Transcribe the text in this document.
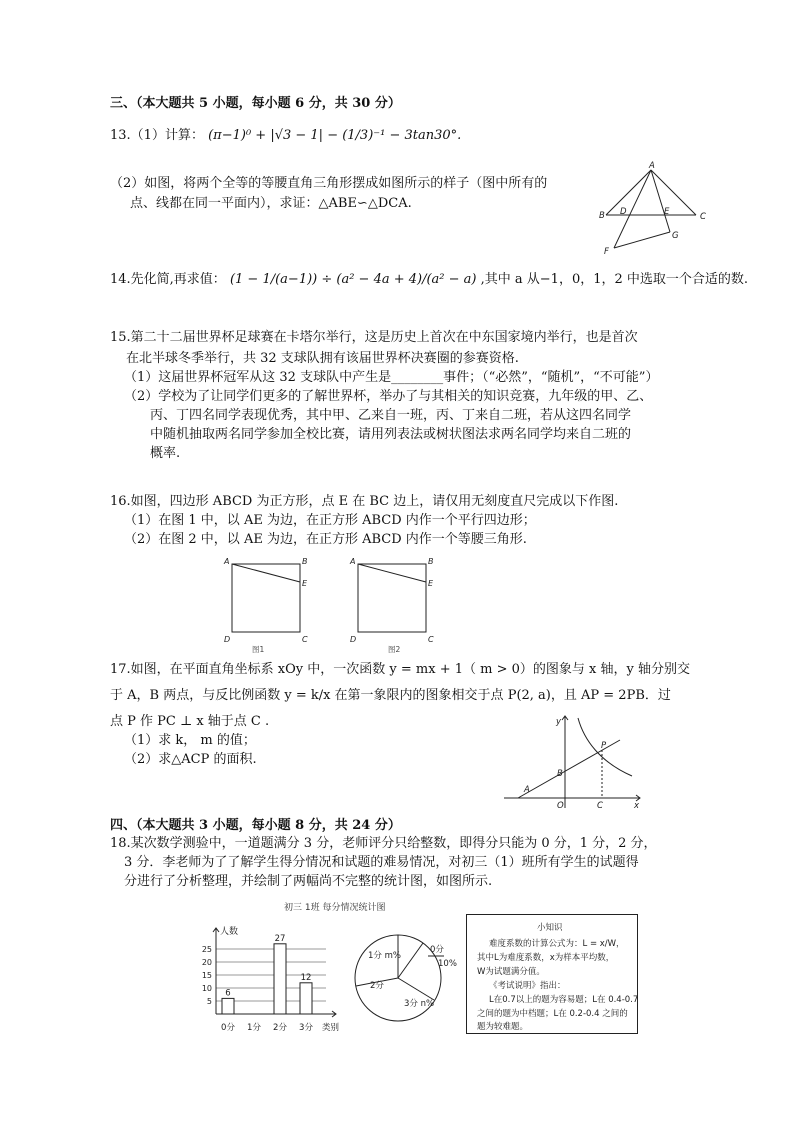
三、（本大题共 5 小题，每小题 6 分，共 30 分）
13.（1）计算： (π−1)⁰ + |√3 − 1| − (1/3)⁻¹ − 3tan30°.
（2）如图，将两个全等的等腰直角三角形摆成如图所示的样子（图中所有的
点、线都在同一平面内），求证：△ABE∽△DCA.
A
B D	E	C
F
G
14.先化简,再求值： (1 − 1/(a−1)) ÷ (a² − 4a + 4)/(a² − a) ,其中 a 从−1，0，1，2 中选取一个合适的数.
15.第二十二届世界杯足球赛在卡塔尔举行，这是历史上首次在中东国家境内举行，也是首次
在北半球冬季举行，共 32 支球队拥有该届世界杯决赛圈的参赛资格.
（1）这届世界杯冠军从这 32 支球队中产生是________事件；（“必然”，“随机”，“不可能”）
（2）学校为了让同学们更多的了解世界杯，举办了与其相关的知识竞赛，九年级的甲、乙、
丙、丁四名同学表现优秀，其中甲、乙来自一班，丙、丁来自二班，若从这四名同学
中随机抽取两名同学参加全校比赛，请用列表法或树状图法求两名同学均来自二班的
概率.
16.如图，四边形 ABCD 为正方形，点 E 在 BC 边上，请仅用无刻度直尺完成以下作图.
（1）在图 1 中，以 AE 为边，在正方形 ABCD 内作一个平行四边形；
（2）在图 2 中，以 AE 为边，在正方形 ABCD 内作一个等腰三角形.
A	B
E
D	C
图1
A	B
E
D	C
图2
17.如图，在平面直角坐标系 xOy 中，一次函数 y = mx + 1（ m > 0）的图象与 x 轴，y 轴分别交
于 A，B 两点，与反比例函数 y = k/x 在第一象限内的图象相交于点 P(2, a)，且 AP = 2PB．过
点 P 作 PC ⊥ x 轴于点 C .
（1）求 k， m 的值；
（2）求△ACP 的面积.
y
P
B
A
O	C	x
四、（本大题共 3 小题，每小题 8 分，共 24 分）
18.某次数学测验中，一道题满分 3 分，老师评分只给整数，即得分只能为 0 分，1 分，2 分，
3 分．李老师为了了解学生得分情况和试题的难易情况，对初三（1）班所有学生的试题得
分进行了分析整理，并绘制了两幅尚不完整的统计图，如图所示.
初三 1班 每分情况统计图
5
10
15
20
25
人数
类别
6
0分 1分
27
2分
12
3分
1分 m%
0分
10%
2分
3分 n%
小知识
难度系数的计算公式为：L = x/W，
其中L为难度系数，x为样本平均数，
W为试题满分值。
《考试说明》指出：
L在0.7以上的题为容易题；L在 0.4-0.7
之间的题为中档题；L在 0.2-0.4 之间的
题为较难题。
